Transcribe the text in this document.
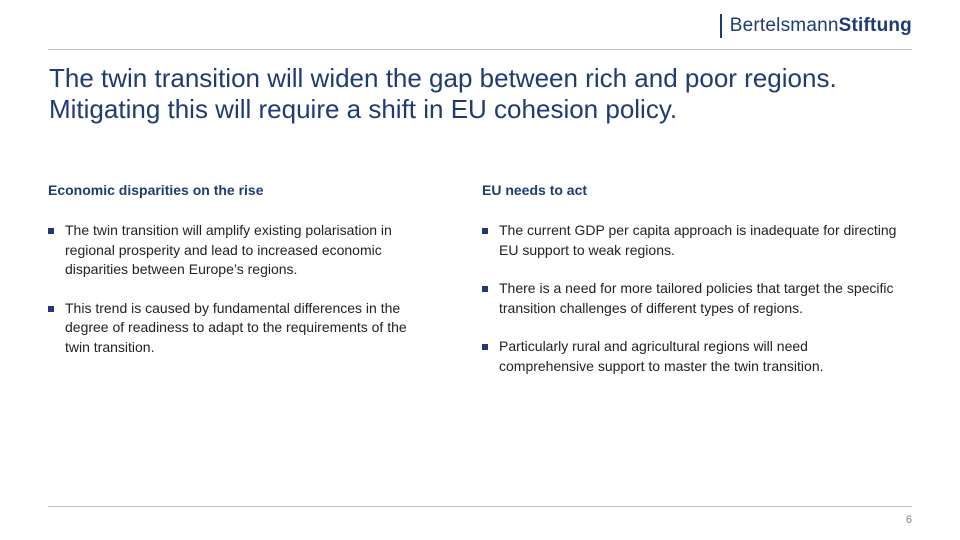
BertelsmannStiftung
The twin transition will widen the gap between rich and poor regions.
Mitigating this will require a shift in EU cohesion policy.
Economic disparities on the rise
The twin transition will amplify existing polarisation in regional prosperity and lead to increased economic disparities between Europe’s regions.
This trend is caused by fundamental differences in the degree of readiness to adapt to the requirements of the twin transition.
EU needs to act
The current GDP per capita approach is inadequate for directing EU support to weak regions.
There is a need for more tailored policies that target the specific transition challenges of different types of regions.
Particularly rural and agricultural regions will need comprehensive support to master the twin transition.
6
